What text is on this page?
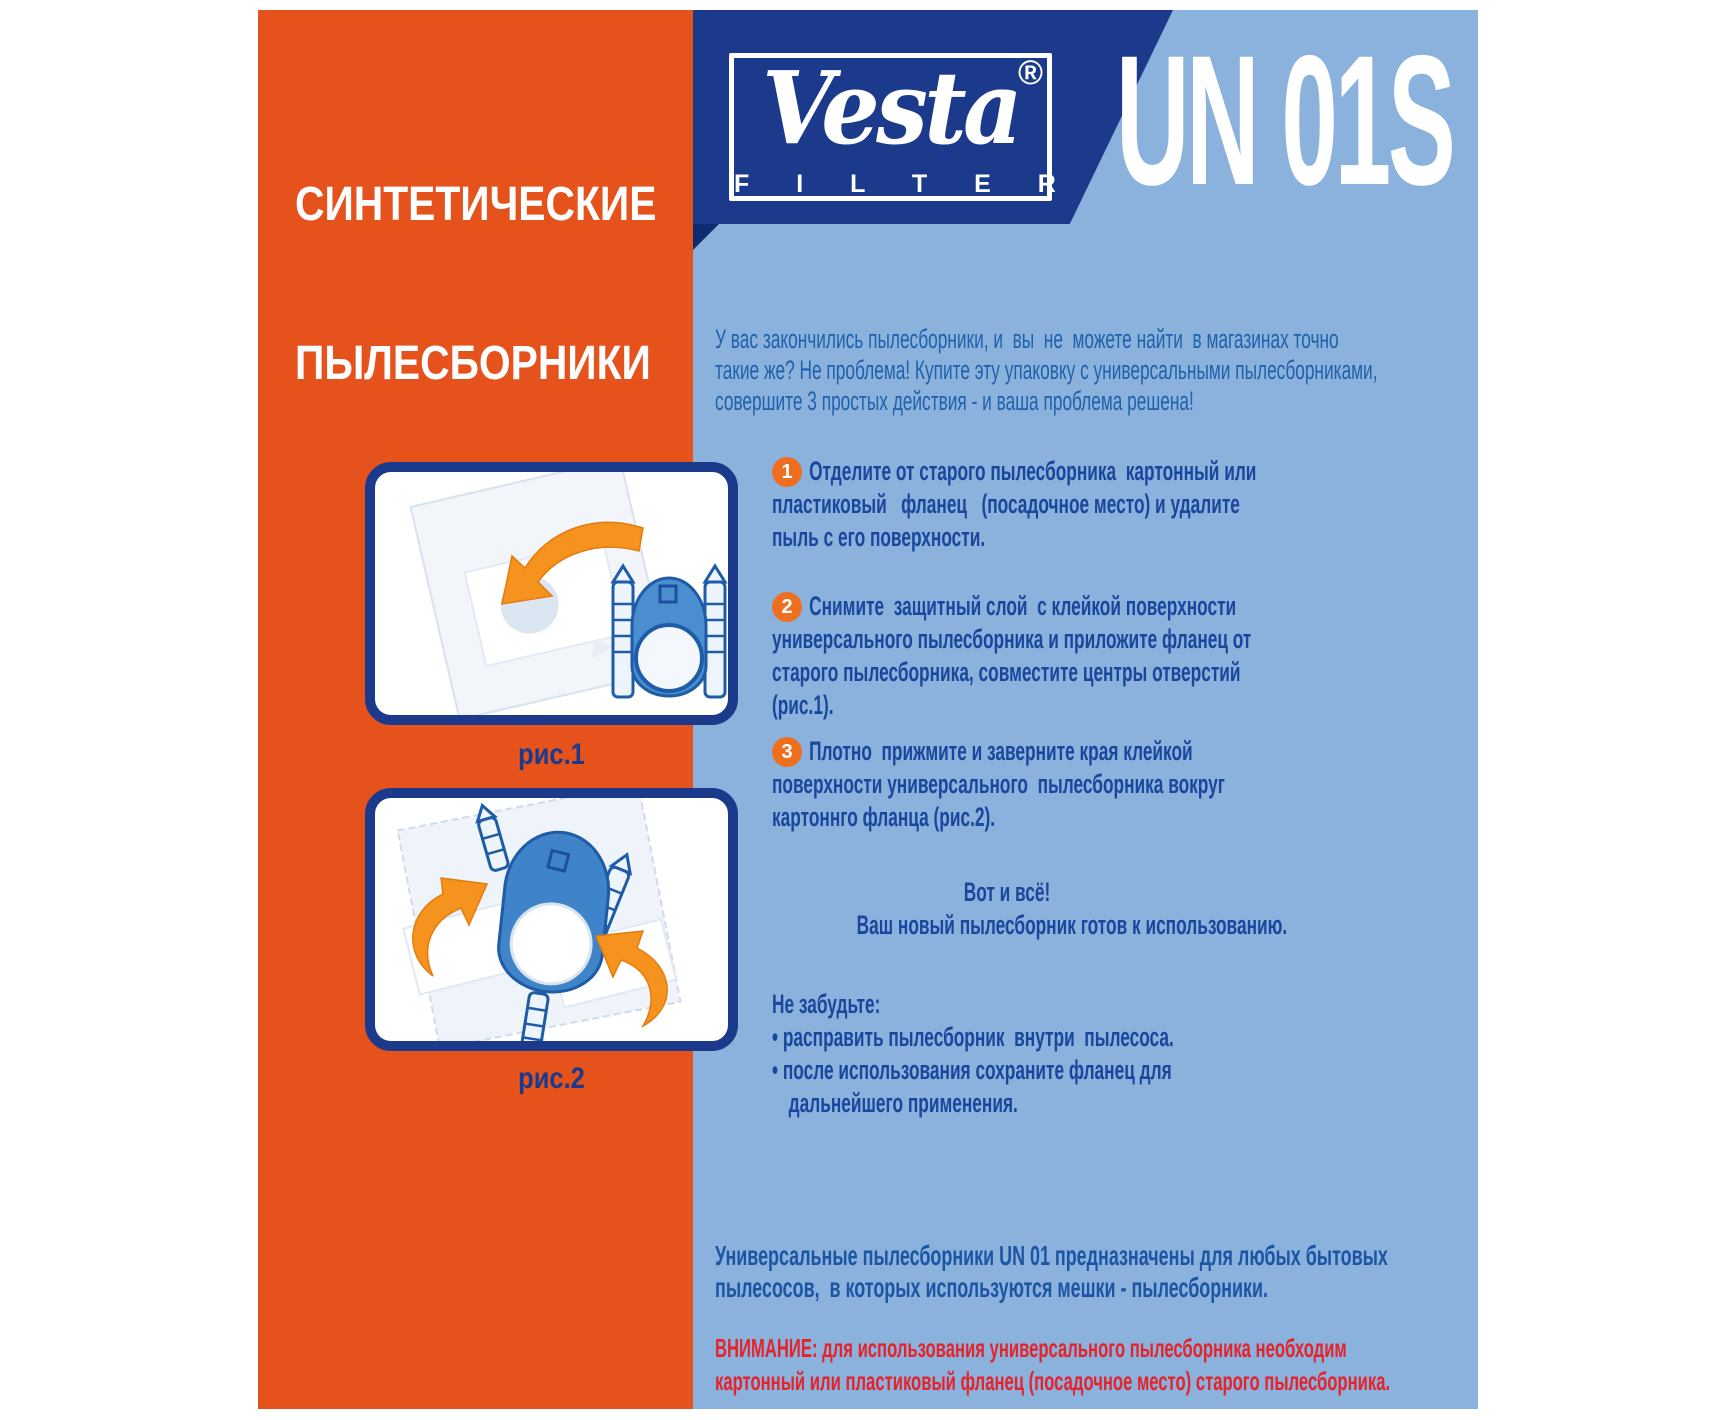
СИНТЕТИЧЕСКИЕ

ПЫЛЕСБОРНИКИ

Vesta
®
F I L T E R UN 01S
У вас закончились пылесборники, и  вы  не  можете найти  в магазинах точно
такие же? Не проблема! Купите эту упаковку с универсальными пылесборниками,
совершите 3 простых действия - и ваша проблема решена!
1 Отделите от старого пылесборника  картонный или
пластиковый   фланец   (посадочное место) и удалите
пыль с его поверхности.
2 Снимите  защитный слой  с клейкой поверхности
универсального пылесборника и приложите фланец от
старого пылесборника, совместите центры отверстий
(рис.1).
3 Плотно  прижмите и заверните края клейкой
поверхности универсального  пылесборника вокруг
картоннго фланца (рис.2).
Вот и всё!
Ваш новый пылесборник готов к использованию.
Не забудьте:
• расправить пылесборник  внутри  пылесоса.
• после использования сохраните фланец для
дальнейшего применения.
Универсальные пылесборники UN 01 предназначены для любых бытовых
пылесосов,  в которых используются мешки - пылесборники.
ВНИМАНИЕ: для использования универсального пылесборника необходим
картонный или пластиковый фланец (посадочное место) старого пылесборника.
рис.1
рис.2
